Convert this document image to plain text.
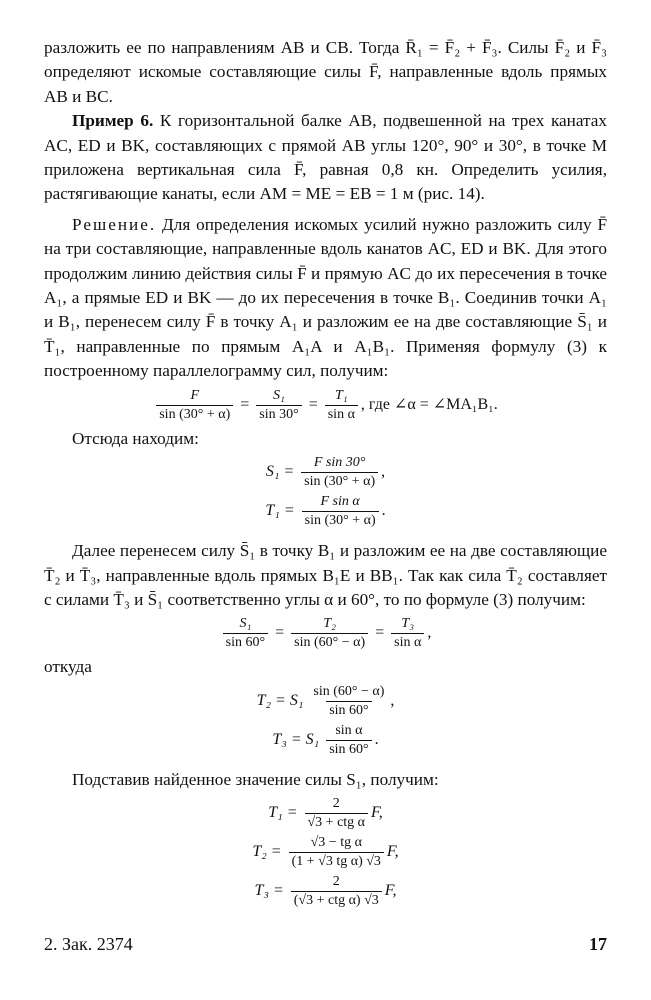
разложить ее по направлениям AB и CB. Тогда R̄₁ = F̄₂ + F̄₃. Силы F̄₂ и F̄₃ определяют искомые составляющие силы F̄, направленные вдоль прямых AB и BC.

Пример 6. К горизонтальной балке AB, подвешенной на трех канатах AC, ED и BK, составляющих с прямой AB углы 120°, 90° и 30°, в точке M приложена вертикальная сила F̄, равная 0,8 кн. Определить усилия, растягивающие канаты, если AM = ME = EB = 1 м (рис. 14).

Решение. Для определения искомых усилий нужно разложить силу F̄ на три составляющие, направленные вдоль канатов AC, ED и BK. Для этого продолжим линию действия силы F̄ и прямую AC до их пересечения в точке A₁, а прямые ED и BK — до их пересечения в точке B₁. Соединив точки A₁ и B₁, перенесем силу F̄ в точку A₁ и разложим ее на две составляющие S̄₁ и T̄₁, направленные по прямым A₁A и A₁B₁. Применяя формулу (3) к построенному параллелограмму сил, получим:

$\frac{F}{\sin (30^\circ + \alpha)} = \frac{\text{S₁}}{\sin 30^\circ} = \frac{\text{T₁}}{\text{sin α}}$ , где ∠α = ∠MA₁B₁.

Отсюда находим:

$S_1 = \frac{\text{F sin 30°}}{\sin (30^\circ + \alpha)}$ ,
$T_1 = \frac{\text{F sin α}}{\sin (30^\circ + \alpha)}$ .

Далее перенесем силу S̄₁ в точку B₁ и разложим ее на две составляющие T̄₂ и T̄₃, направленные вдоль прямых B₁E и BB₁. Так как сила T̄₂ составляет с силами T̄₃ и S̄₁ соответственно углы α и 60°, то по формуле (3) получим:

$\frac{\text{S₁}}{\sin 60^\circ} = \frac{\text{T₂}}{\sin (60^\circ - \alpha)} = \frac{\text{T₃}}{\text{sin α}}$ ,

откуда

$T_2 = S_1 \frac{\sin (60^\circ - \alpha)}{\sin 60^\circ}$ ,
$T_3 = S_1 \frac{\text{sin α}}{\sin 60^\circ}$ .

Подставив найденное значение силы S₁, получим:

$T_1 = \frac{2}{\text{√3 + ctg α}} F$,
$T_2 = \frac{\text{√3 − tg α}}{\text{(1 + √3 tg α) √3}} F$,
$T_3 = \frac{2}{\text{(√3 + ctg α) √3}} F$,
2. Зак. 2374	17
